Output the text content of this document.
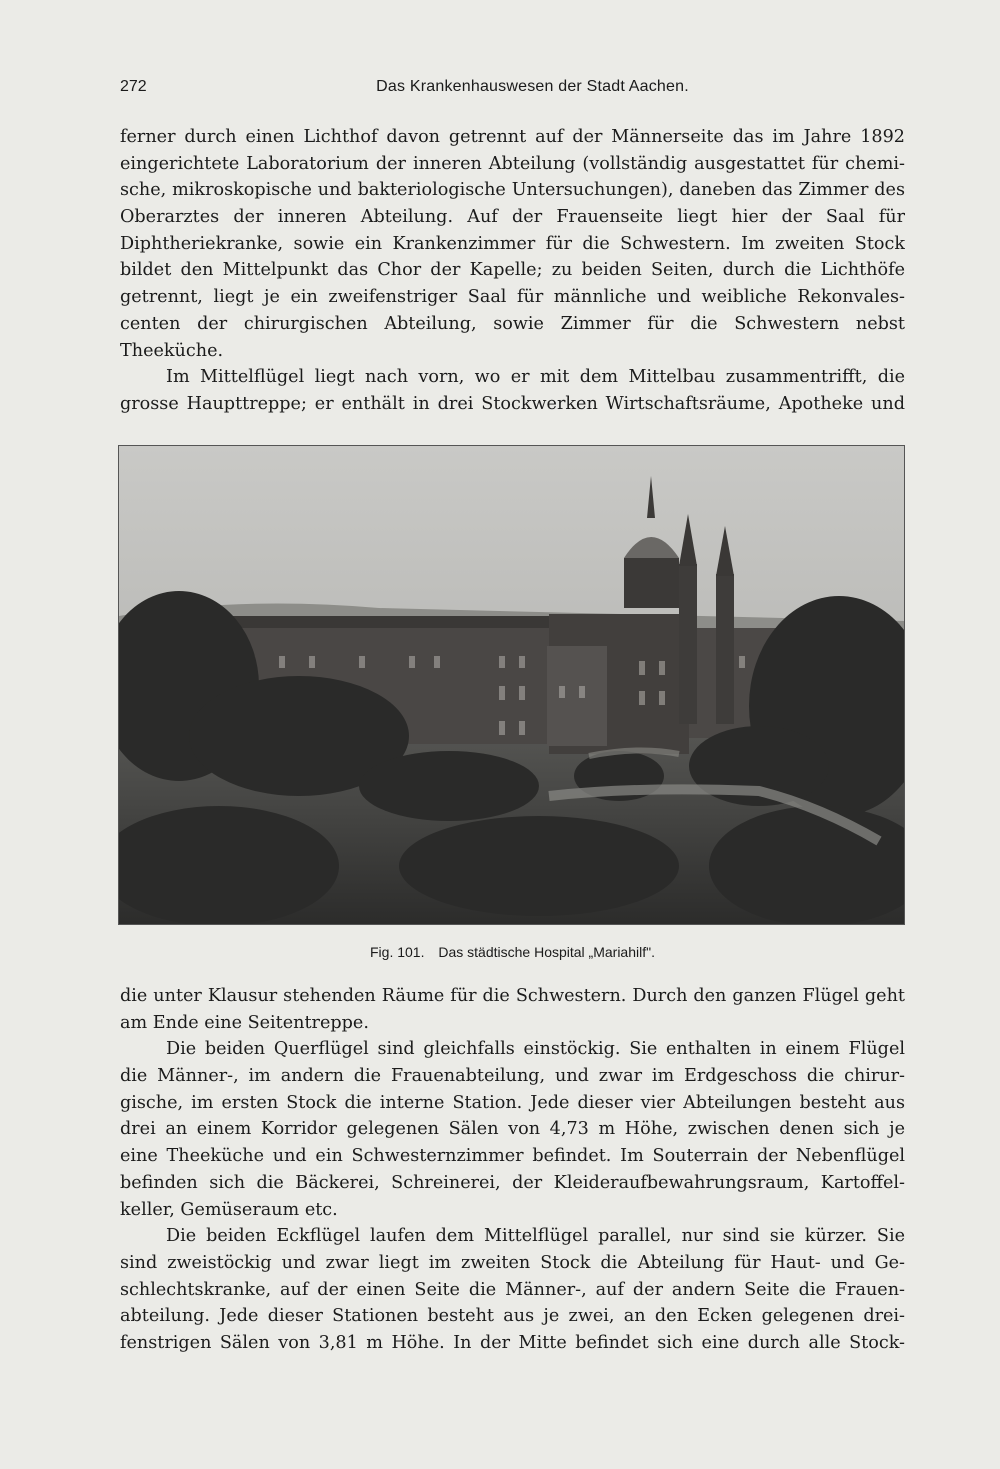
272	Das Krankenhauswesen der Stadt Aachen.
ferner durch einen Lichthof davon getrennt auf der Männerseite das im Jahre 1892
eingerichtete Laboratorium der inneren Abteilung (vollständig ausgestattet für chemi-
sche, mikroskopische und bakteriologische Untersuchungen), daneben das Zimmer des
Oberarztes der inneren Abteilung. Auf der Frauenseite liegt hier der Saal für
Diphtheriekranke, sowie ein Krankenzimmer für die Schwestern. Im zweiten Stock
bildet den Mittelpunkt das Chor der Kapelle; zu beiden Seiten, durch die Lichthöfe
getrennt, liegt je ein zweifenstriger Saal für männliche und weibliche Rekonvales-
centen der chirurgischen Abteilung, sowie Zimmer für die Schwestern nebst
Theeküche.
Im Mittelflügel liegt nach vorn, wo er mit dem Mittelbau zusammentrifft, die
grosse Haupttreppe; er enthält in drei Stockwerken Wirtschaftsräume, Apotheke und
Fig. 101. Das städtische Hospital „Mariahilf".
die unter Klausur stehenden Räume für die Schwestern. Durch den ganzen Flügel geht
am Ende eine Seitentreppe.
Die beiden Querflügel sind gleichfalls einstöckig. Sie enthalten in einem Flügel
die Männer-, im andern die Frauenabteilung, und zwar im Erdgeschoss die chirur-
gische, im ersten Stock die interne Station. Jede dieser vier Abteilungen besteht aus
drei an einem Korridor gelegenen Sälen von 4,73 m Höhe, zwischen denen sich je
eine Theeküche und ein Schwesternzimmer befindet. Im Souterrain der Nebenflügel
befinden sich die Bäckerei, Schreinerei, der Kleideraufbewahrungsraum, Kartoffel-
keller, Gemüseraum etc.
Die beiden Eckflügel laufen dem Mittelflügel parallel, nur sind sie kürzer. Sie
sind zweistöckig und zwar liegt im zweiten Stock die Abteilung für Haut- und Ge-
schlechtskranke, auf der einen Seite die Männer-, auf der andern Seite die Frauen-
abteilung. Jede dieser Stationen besteht aus je zwei, an den Ecken gelegenen drei-
fenstrigen Sälen von 3,81 m Höhe. In der Mitte befindet sich eine durch alle Stock-
